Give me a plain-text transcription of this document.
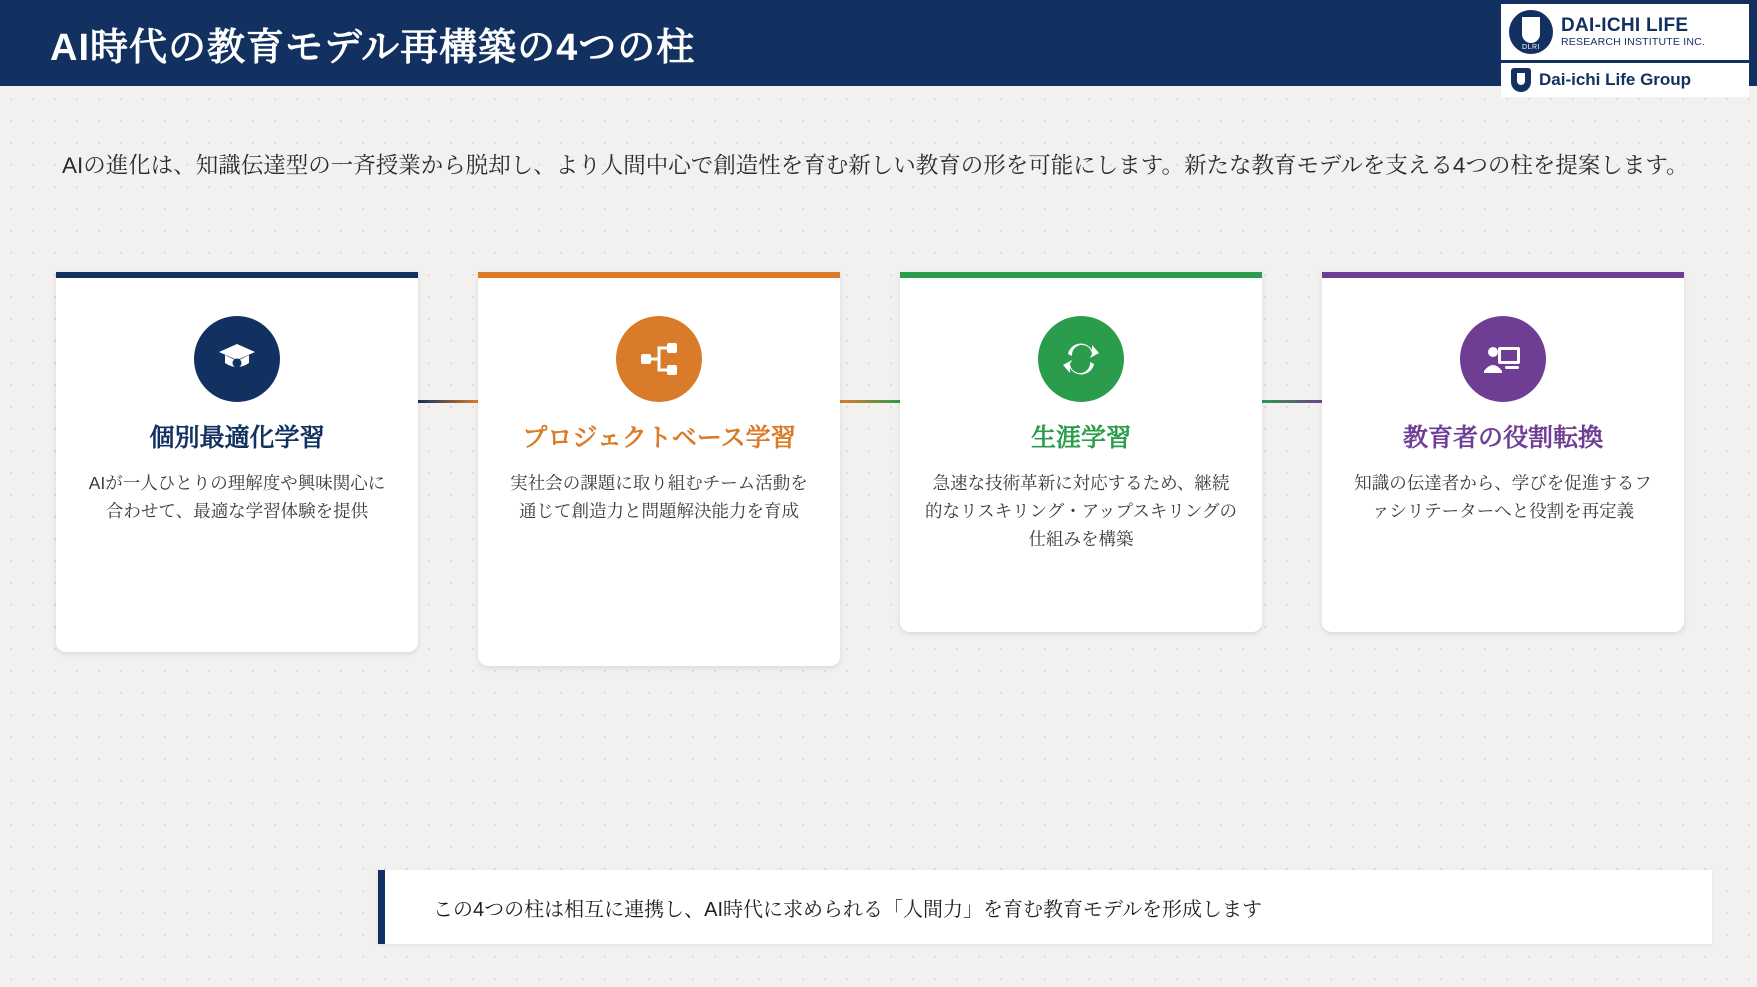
AI時代の教育モデル再構築の4つの柱	DLRI
DAI-ICHI LIFE
RESEARCH INSTITUTE INC.
Dai-ichi Life Group
AIの進化は、知識伝達型の一斉授業から脱却し、より人間中心で創造性を育む新しい教育の形を可能にします。新たな教育モデルを支える4つの柱を提案します。
個別最適化学習
AIが一人ひとりの理解度や興味関心に合わせて、最適な学習体験を提供
プロジェクトベース学習
実社会の課題に取り組むチーム活動を通じて創造力と問題解決能力を育成
生涯学習
急速な技術革新に対応するため、継続的なリスキリング・アップスキリングの仕組みを構築
教育者の役割転換
知識の伝達者から、学びを促進するファシリテーターへと役割を再定義
この4つの柱は相互に連携し、AI時代に求められる「人間力」を育む教育モデルを形成します
